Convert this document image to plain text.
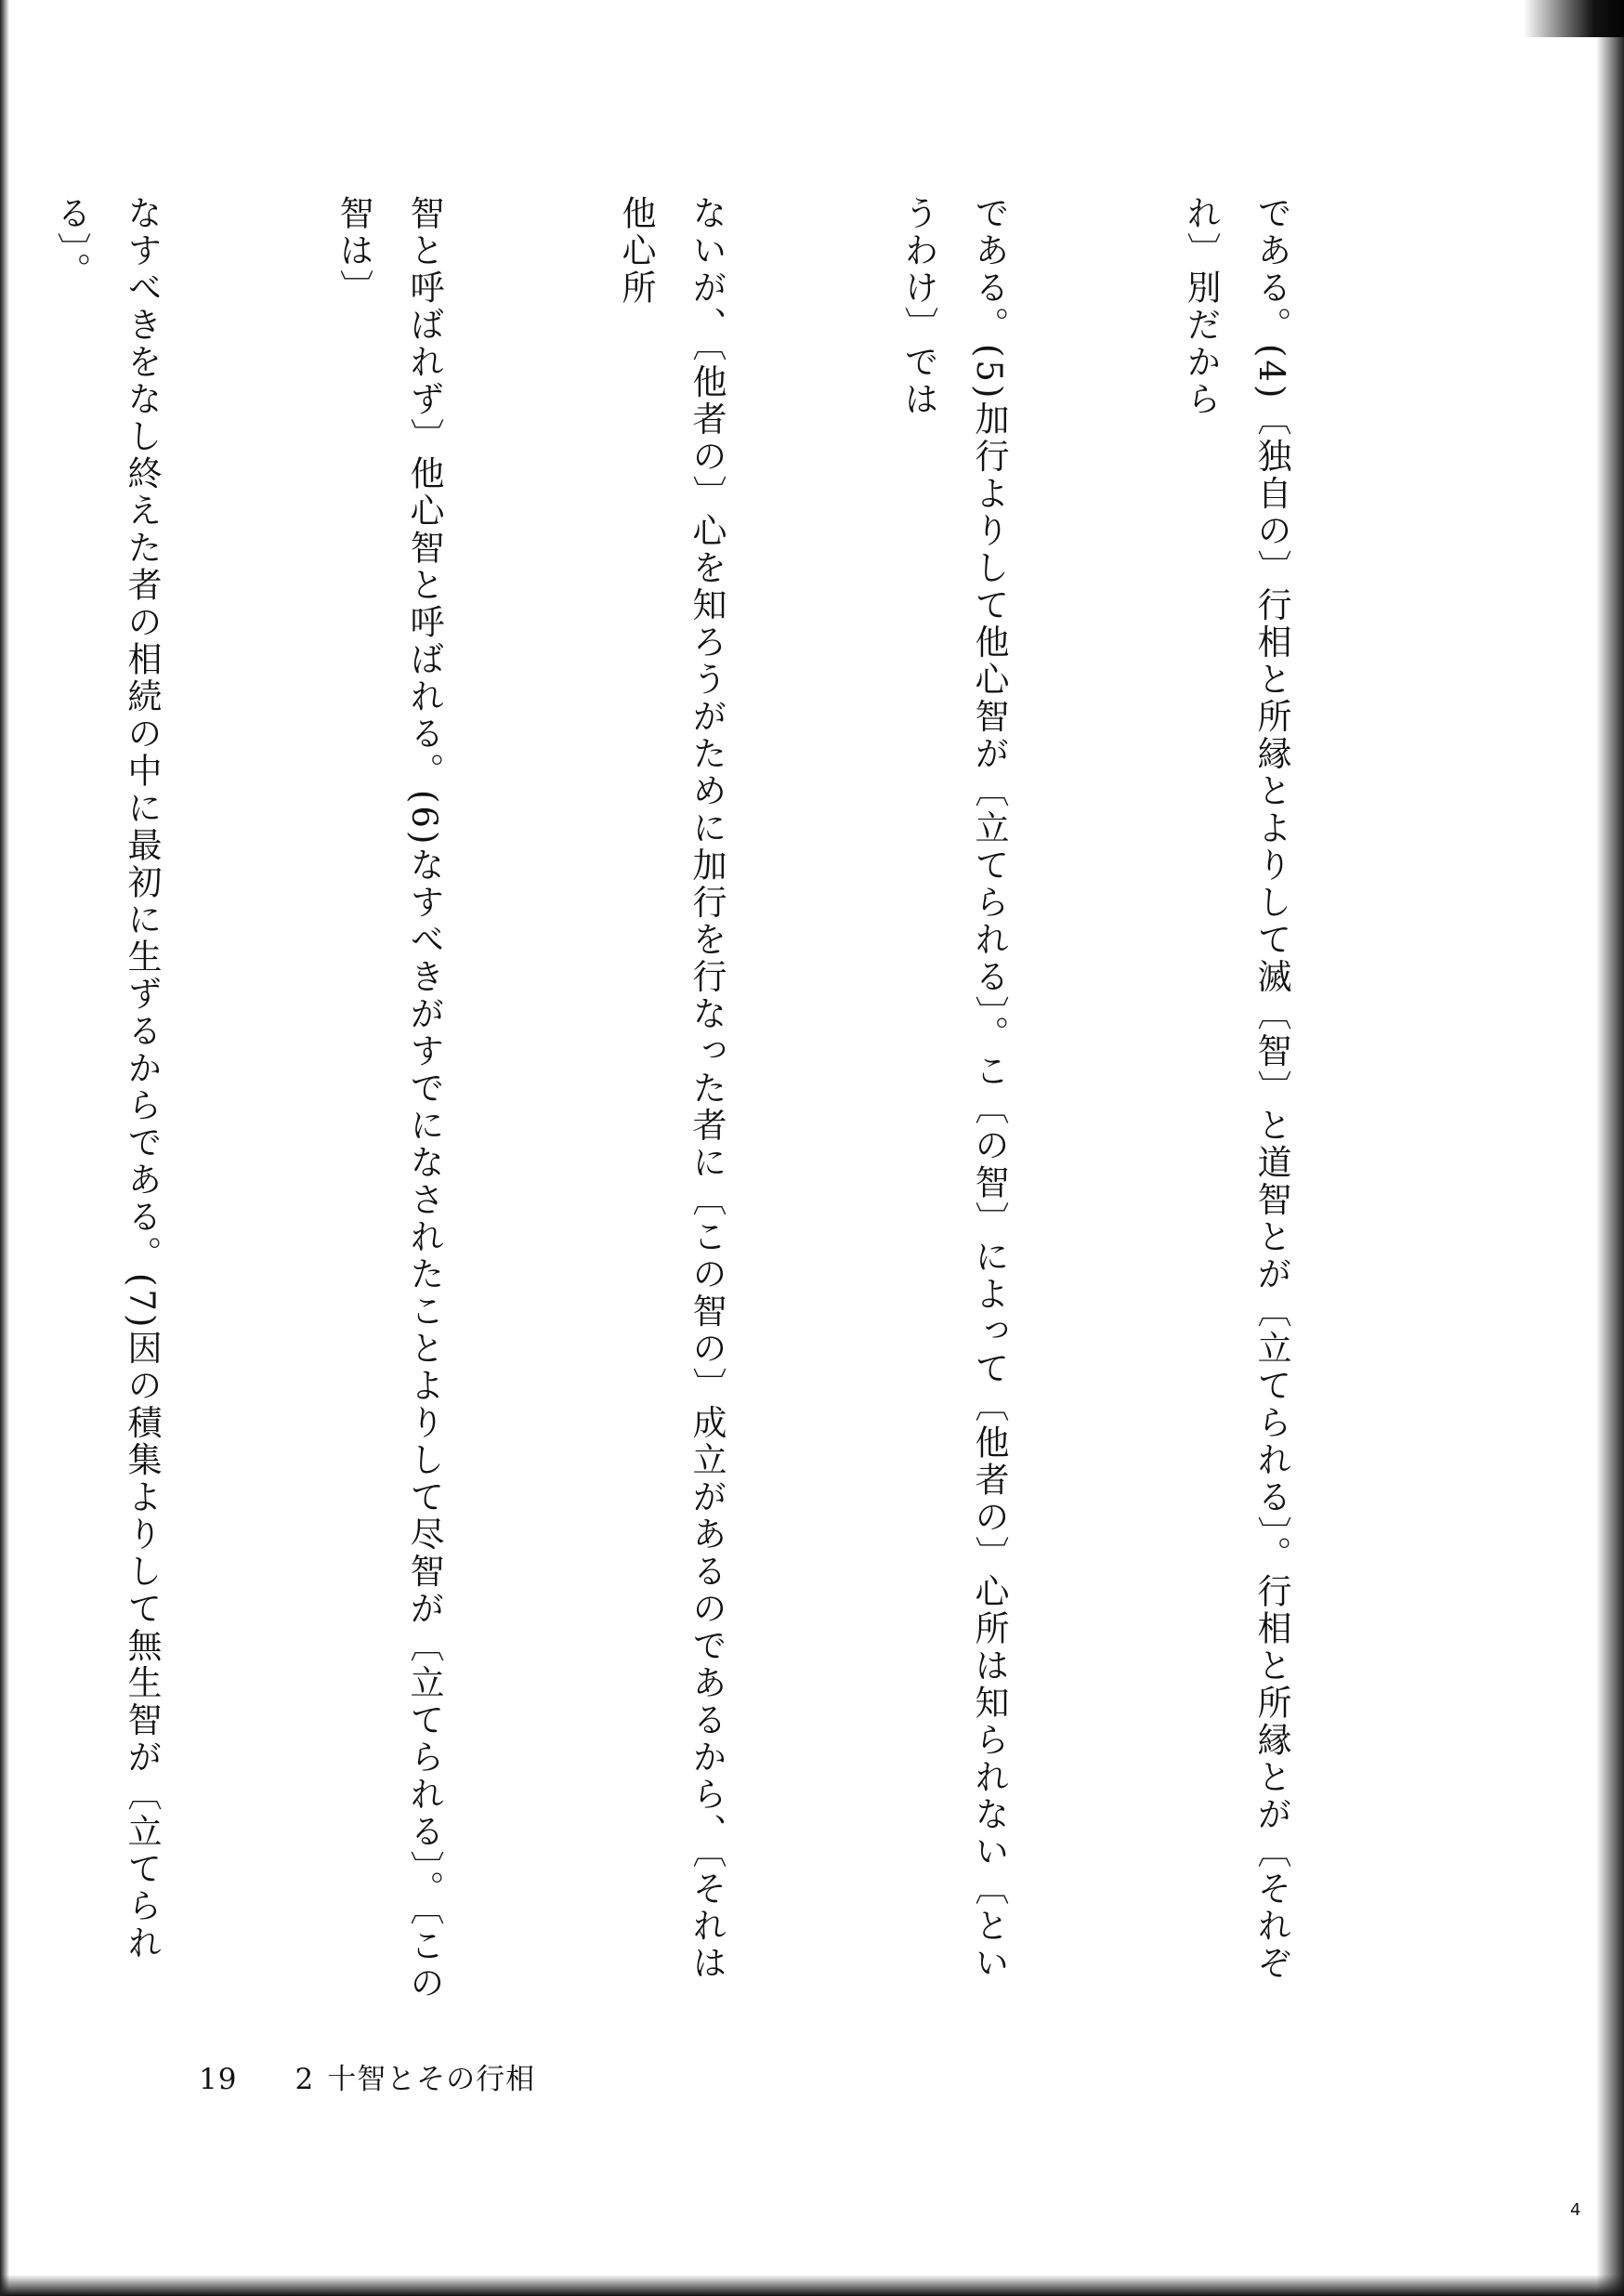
である。(4)〔独自の〕行相と所縁とよりして滅〔智〕と道智とが〔立てられる〕。行相と所縁とが〔それぞれ〕別だから

である。(5)加行よりして他心智が〔立てられる〕。こ〔の智〕によって〔他者の〕心所は知られない〔というわけ〕では

ないが、〔他者の〕心を知ろうがために加行を行なった者に〔この智の〕成立があるのであるから、〔それは他心所

智と呼ばれず〕他心智と呼ばれる。(6)なすべきがすでになされたことよりして尽智が〔立てられる〕。〔この智は〕

なすべきをなし終えた者の相続の中に最初に生ずるからである。(7)因の積集よりして無生智が〔立てられる〕。

19 2 十智とその行相
4
